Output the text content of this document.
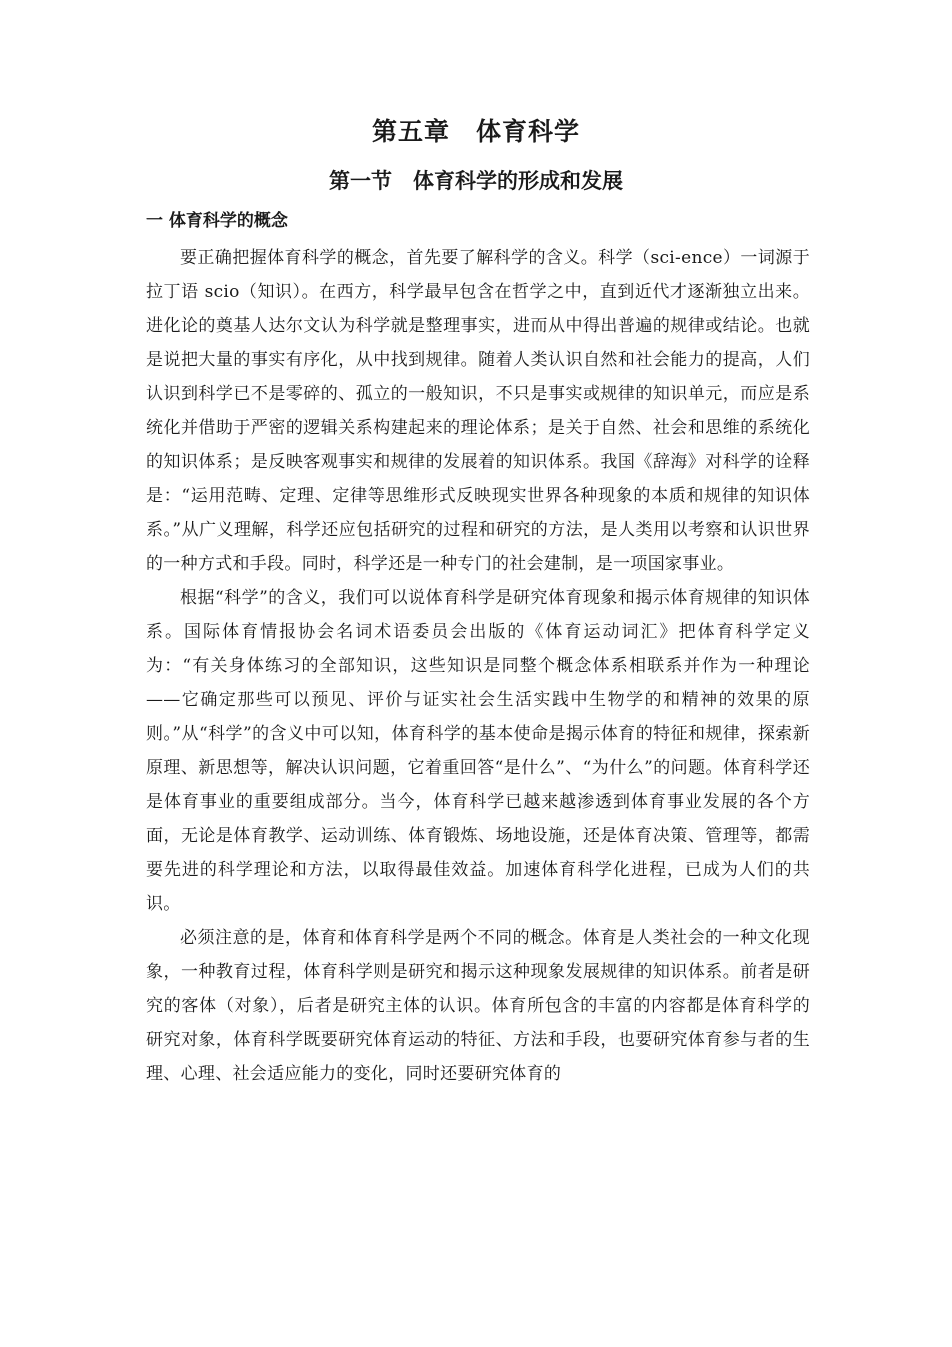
第五章　体育科学
第一节　体育科学的形成和发展
一 体育科学的概念

要正确把握体育科学的概念，首先要了解科学的含义。科学（sci-ence）一词源于拉丁语 scio（知识）。在西方，科学最早包含在哲学之中，直到近代才逐渐独立出来。进化论的奠基人达尔文认为科学就是整理事实，进而从中得出普遍的规律或结论。也就是说把大量的事实有序化，从中找到规律。随着人类认识自然和社会能力的提高，人们认识到科学已不是零碎的、孤立的一般知识，不只是事实或规律的知识单元，而应是系统化并借助于严密的逻辑关系构建起来的理论体系；是关于自然、社会和思维的系统化的知识体系；是反映客观事实和规律的发展着的知识体系。我国《辞海》对科学的诠释是：“运用范畴、定理、定律等思维形式反映现实世界各种现象的本质和规律的知识体系。”从广义理解，科学还应包括研究的过程和研究的方法，是人类用以考察和认识世界的一种方式和手段。同时，科学还是一种专门的社会建制，是一项国家事业。

根据“科学”的含义，我们可以说体育科学是研究体育现象和揭示体育规律的知识体系。国际体育情报协会名词术语委员会出版的《体育运动词汇》把体育科学定义为：“有关身体练习的全部知识，这些知识是同整个概念体系相联系并作为一种理论——它确定那些可以预见、评价与证实社会生活实践中生物学的和精神的效果的原则。”从“科学”的含义中可以知，体育科学的基本使命是揭示体育的特征和规律，探索新原理、新思想等，解决认识问题，它着重回答“是什么”、“为什么”的问题。体育科学还是体育事业的重要组成部分。当今，体育科学已越来越渗透到体育事业发展的各个方面，无论是体育教学、运动训练、体育锻炼、场地设施，还是体育决策、管理等，都需要先进的科学理论和方法，以取得最佳效益。加速体育科学化进程，已成为人们的共识。

必须注意的是，体育和体育科学是两个不同的概念。体育是人类社会的一种文化现象，一种教育过程，体育科学则是研究和揭示这种现象发展规律的知识体系。前者是研究的客体（对象），后者是研究主体的认识。体育所包含的丰富的内容都是体育科学的研究对象，体育科学既要研究体育运动的特征、方法和手段，也要研究体育参与者的生理、心理、社会适应能力的变化，同时还要研究体育的
